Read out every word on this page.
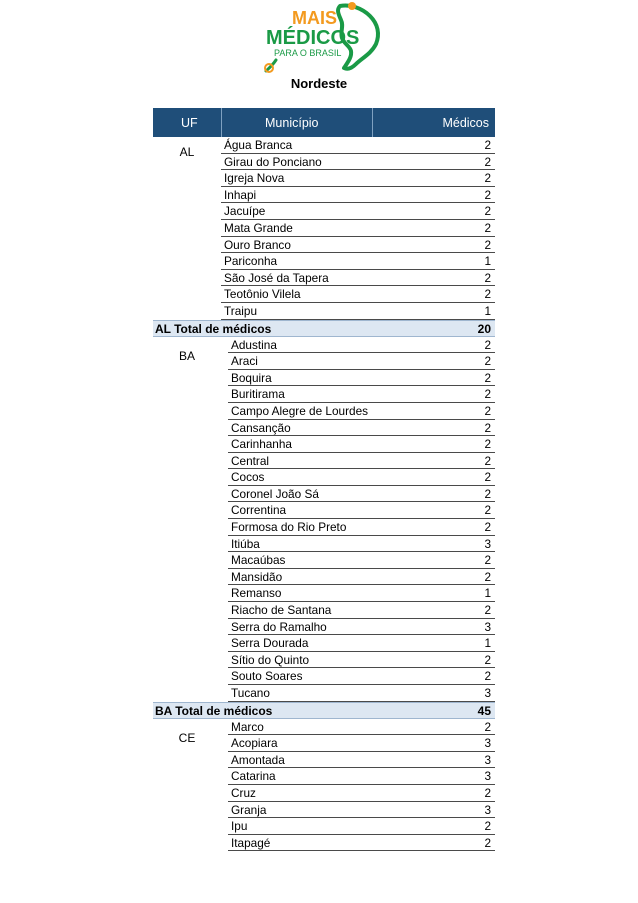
MAIS
MÉDICOS
PARA O BRASIL
Nordeste
UF	Município	Médicos
AL	Água Branca	2
Girau do Ponciano	2
Igreja Nova	2
Inhapi	2
Jacuípe	2
Mata Grande	2
Ouro Branco	2
Pariconha	1
São José da Tapera	2
Teotônio Vilela	2
Traipu	1
AL Total de médicos	20
BA
Adustina	2
Araci	2
Boquira	2
Buritirama	2
Campo Alegre de Lourdes	2
Cansanção	2
Carinhanha	2
Central	2
Cocos	2
Coronel João Sá	2
Correntina	2
Formosa do Rio Preto	2
Itiúba	3
Macaúbas	2
Mansidão	2
Remanso	1
Riacho de Santana	2
Serra do Ramalho	3
Serra Dourada	1
Sítio do Quinto	2
Souto Soares	2
Tucano	3
BA Total de médicos	45
CE
Marco	2
Acopiara	3
Amontada	3
Catarina	3
Cruz	2
Granja	3
Ipu	2
Itapagé	2
